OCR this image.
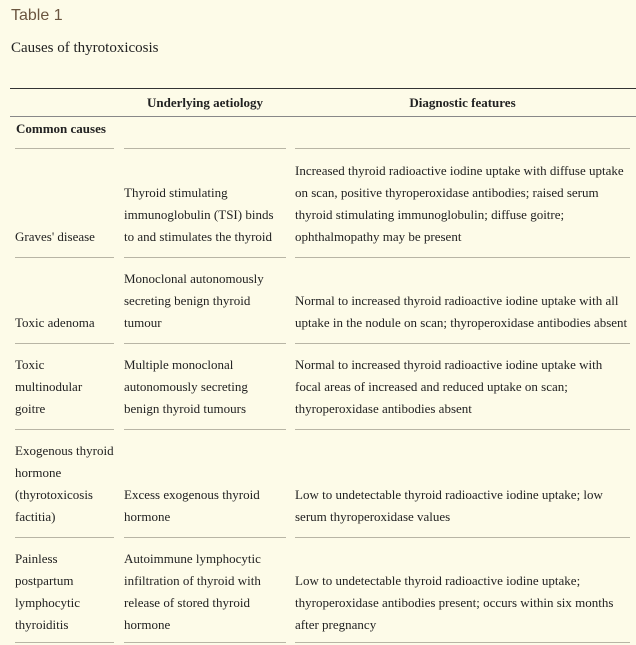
Table 1
Causes of thyrotoxicosis
Underlying aetiology	Diagnostic features
Common causes
Graves' disease
Thyroid stimulating immunoglobulin (TSI) binds to and stimulates the thyroid
Increased thyroid radioactive iodine uptake with diffuse uptake on scan, positive thyroperoxidase antibodies; raised serum thyroid stimulating immunoglobulin; diffuse goitre; ophthalmopathy may be present
Toxic adenoma
Monoclonal autonomously secreting benign thyroid tumour
Normal to increased thyroid radioactive iodine uptake with all uptake in the nodule on scan; thyroperoxidase antibodies absent
Toxic multinodular goitre
Multiple monoclonal autonomously secreting benign thyroid tumours
Normal to increased thyroid radioactive iodine uptake with focal areas of increased and reduced uptake on scan; thyroperoxidase antibodies absent
Exogenous thyroid hormone (thyrotoxicosis factitia)
Excess exogenous thyroid hormone
Low to undetectable thyroid radioactive iodine uptake; low serum thyroperoxidase values
Painless postpartum lymphocytic thyroiditis
Autoimmune lymphocytic infiltration of thyroid with release of stored thyroid hormone
Low to undetectable thyroid radioactive iodine uptake; thyroperoxidase antibodies present; occurs within six months after pregnancy
